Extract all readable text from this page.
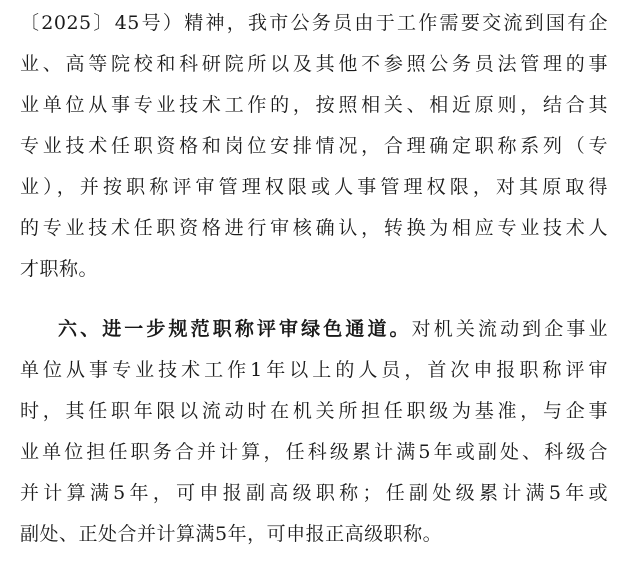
〔2025〕45号）精神，我市公务员由于工作需要交流到国有企
业、高等院校和科研院所以及其他不参照公务员法管理的事
业单位从事专业技术工作的，按照相关、相近原则，结合其
专业技术任职资格和岗位安排情况，合理确定职称系列（专
业），并按职称评审管理权限或人事管理权限，对其原取得
的专业技术任职资格进行审核确认，转换为相应专业技术人
才职称。
六、进一步规范职称评审绿色通道。对机关流动到企事业
单位从事专业技术工作1年以上的人员，首次申报职称评审
时，其任职年限以流动时在机关所担任职级为基准，与企事
业单位担任职务合并计算，任科级累计满5年或副处、科级合
并计算满5年，可申报副高级职称；任副处级累计满5年或
副处、正处合并计算满5年，可申报正高级职称。
